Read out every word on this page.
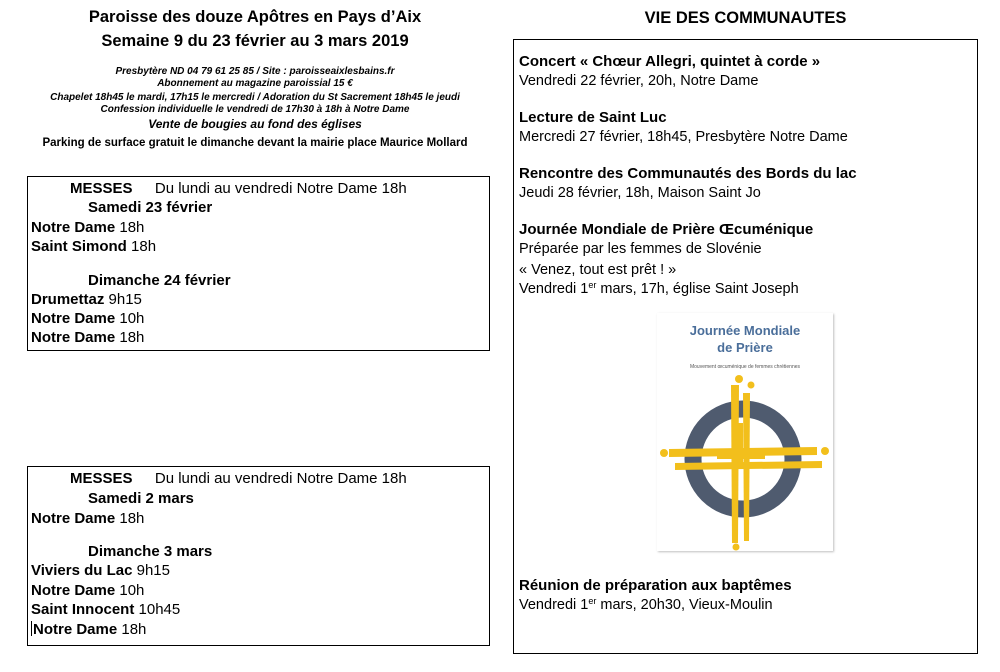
Paroisse des douze Apôtres en Pays d’Aix
Semaine 9 du 23 février au 3 mars 2019
Presbytère ND 04 79 61 25 85 / Site : paroisseaixlesbains.fr
Abonnement au magazine paroissial 15 €
Chapelet 18h45 le mardi, 17h15 le mercredi / Adoration du St Sacrement 18h45 le jeudi
Confession individuelle le vendredi de 17h30 à 18h à Notre Dame
Vente de bougies au fond des églises
Parking de surface gratuit le dimanche devant la mairie place Maurice Mollard
MESSES Du lundi au vendredi Notre Dame 18h
Samedi 23 février
Notre Dame 18h
Saint Simond 18h
Dimanche 24 février
Drumettaz 9h15
Notre Dame 10h
Notre Dame 18h
MESSES Du lundi au vendredi Notre Dame 18h
Samedi 2 mars
Notre Dame 18h
Dimanche 3 mars
Viviers du Lac 9h15
Notre Dame 10h
Saint Innocent 10h45
Notre Dame 18h
VIE DES COMMUNAUTES
Concert « Chœur Allegri, quintet à corde »
Vendredi 22 février, 20h, Notre Dame
Lecture de Saint Luc
Mercredi 27 février, 18h45, Presbytère Notre Dame
Rencontre des Communautés des Bords du lac
Jeudi 28 février, 18h, Maison Saint Jo
Journée Mondiale de Prière Œcuménique
Préparée par les femmes de Slovénie
« Venez, tout est prêt ! »
Vendredi 1er mars, 17h, église Saint Joseph
Journée Mondiale
de Prière
Mouvement œcuménique de femmes chrétiennes
Réunion de préparation aux baptêmes
Vendredi 1er mars, 20h30, Vieux-Moulin
